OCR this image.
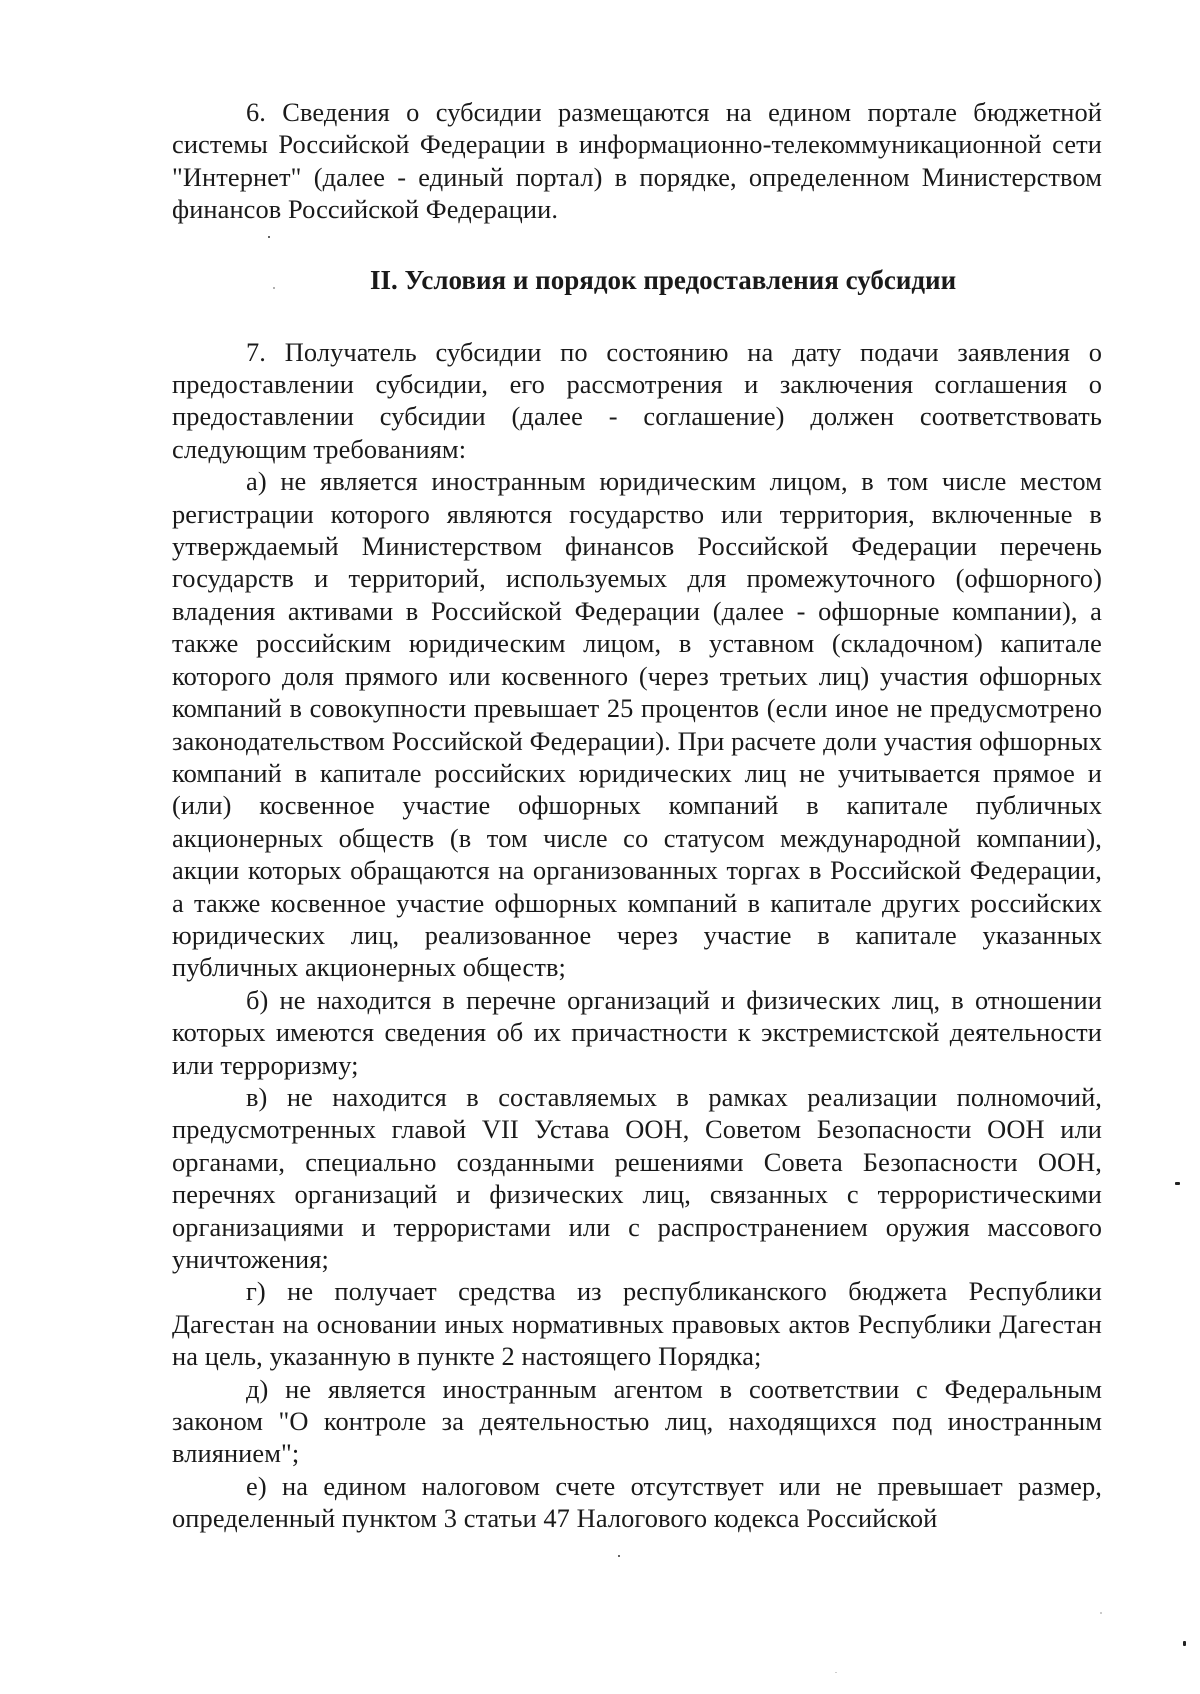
6. Сведения о субсидии размещаются на едином портале бюджетной системы Российской Федерации в информационно-телекоммуникационной сети "Интернет" (далее - единый портал) в порядке, определенном Министерством финансов Российской Федерации.

II. Условия и порядок предоставления субсидии

7. Получатель субсидии по состоянию на дату подачи заявления о предоставлении субсидии, его рассмотрения и заключения соглашения о предоставлении субсидии (далее - соглашение) должен соответствовать следующим требованиям:

а) не является иностранным юридическим лицом, в том числе местом регистрации которого являются государство или территория, включенные в утверждаемый Министерством финансов Российской Федерации перечень государств и территорий, используемых для промежуточного (офшорного) владения активами в Российской Федерации (далее - офшорные компании), а также российским юридическим лицом, в уставном (складочном) капитале которого доля прямого или косвенного (через третьих лиц) участия офшорных компаний в совокупности превышает 25 процентов (если иное не предусмотрено законодательством Российской Федерации). При расчете доли участия офшорных компаний в капитале российских юридических лиц не учитывается прямое и (или) косвенное участие офшорных компаний в капитале публичных акционерных обществ (в том числе со статусом международной компании), акции которых обращаются на организованных торгах в Российской Федерации, а также косвенное участие офшорных компаний в капитале других российских юридических лиц, реализованное через участие в капитале указанных публичных акционерных обществ;

б) не находится в перечне организаций и физических лиц, в отношении которых имеются сведения об их причастности к экстремистской деятельности или терроризму;

в) не находится в составляемых в рамках реализации полномочий, предусмотренных главой VII Устава ООН, Советом Безопасности ООН или органами, специально созданными решениями Совета Безопасности ООН, перечнях организаций и физических лиц, связанных с террористическими организациями и террористами или с распространением оружия массового уничтожения;

г) не получает средства из республиканского бюджета Республики Дагестан на основании иных нормативных правовых актов Республики Дагестан на цель, указанную в пункте 2 настоящего Порядка;

д) не является иностранным агентом в соответствии с Федеральным законом "О контроле за деятельностью лиц, находящихся под иностранным влиянием";

е) на едином налоговом счете отсутствует или не превышает размер, определенный пунктом 3 статьи 47 Налогового кодекса Российской
